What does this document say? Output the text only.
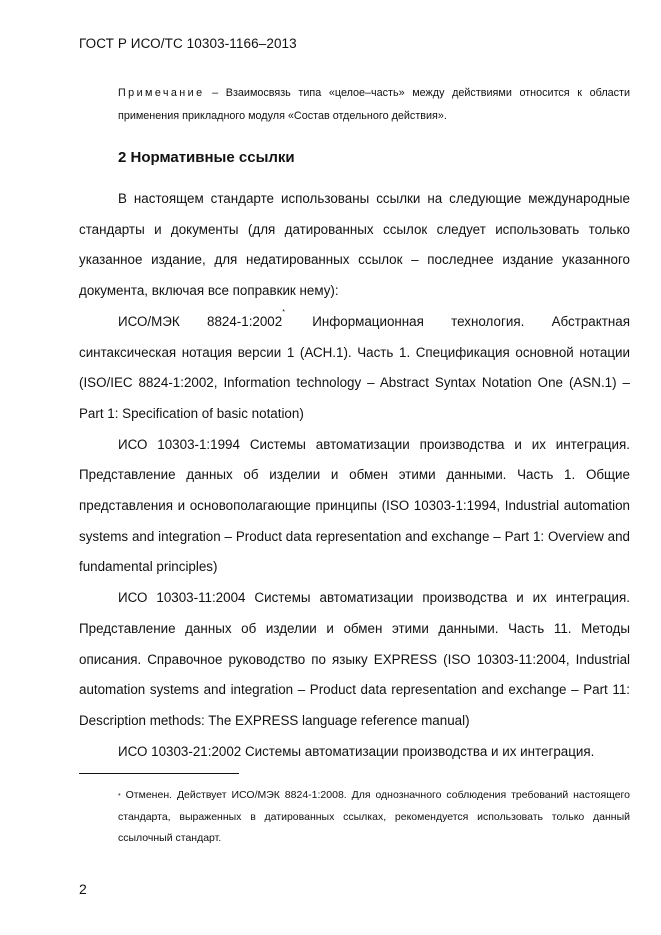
ГОСТ Р ИСО/ТС 10303-1166–2013
Примечание – Взаимосвязь типа «целое–часть» между действиями относится к области применения прикладного модуля «Состав отдельного действия».
2 Нормативные ссылки

В настоящем стандарте использованы ссылки на следующие международные стандарты и документы (для датированных ссылок следует использовать только указанное издание, для недатированных ссылок – последнее издание указанного документа, включая все поправкик нему):

ИСО/МЭК 8824-1:2002* Информационная технология. Абстрактная синтаксическая нотация версии 1 (АСН.1). Часть 1. Спецификация основной нотации (ISO/IEC 8824-1:2002, Information technology – Abstract Syntax Notation One (ASN.1) – Part 1: Specification of basic notation)

ИСО 10303-1:1994 Системы автоматизации производства и их интеграция. Представление данных об изделии и обмен этими данными. Часть 1. Общие представления и основополагающие принципы (ISO 10303-1:1994, Industrial automation systems and integration – Product data representation and exchange – Part 1: Overview and fundamental principles)

ИСО 10303-11:2004 Системы автоматизации производства и их интеграция. Представление данных об изделии и обмен этими данными. Часть 11. Методы описания. Справочное руководство по языку EXPRESS (ISO 10303-11:2004, Industrial automation systems and integration – Product data representation and exchange – Part 11: Description methods: The EXPRESS language reference manual)

ИСО 10303-21:2002 Системы автоматизации производства и их интеграция.

* Отменен. Действует ИСО/МЭК 8824-1:2008. Для однозначного соблюдения требований настоящего стандарта, выраженных в датированных ссылках, рекомендуется использовать только данный ссылочный стандарт.
2
